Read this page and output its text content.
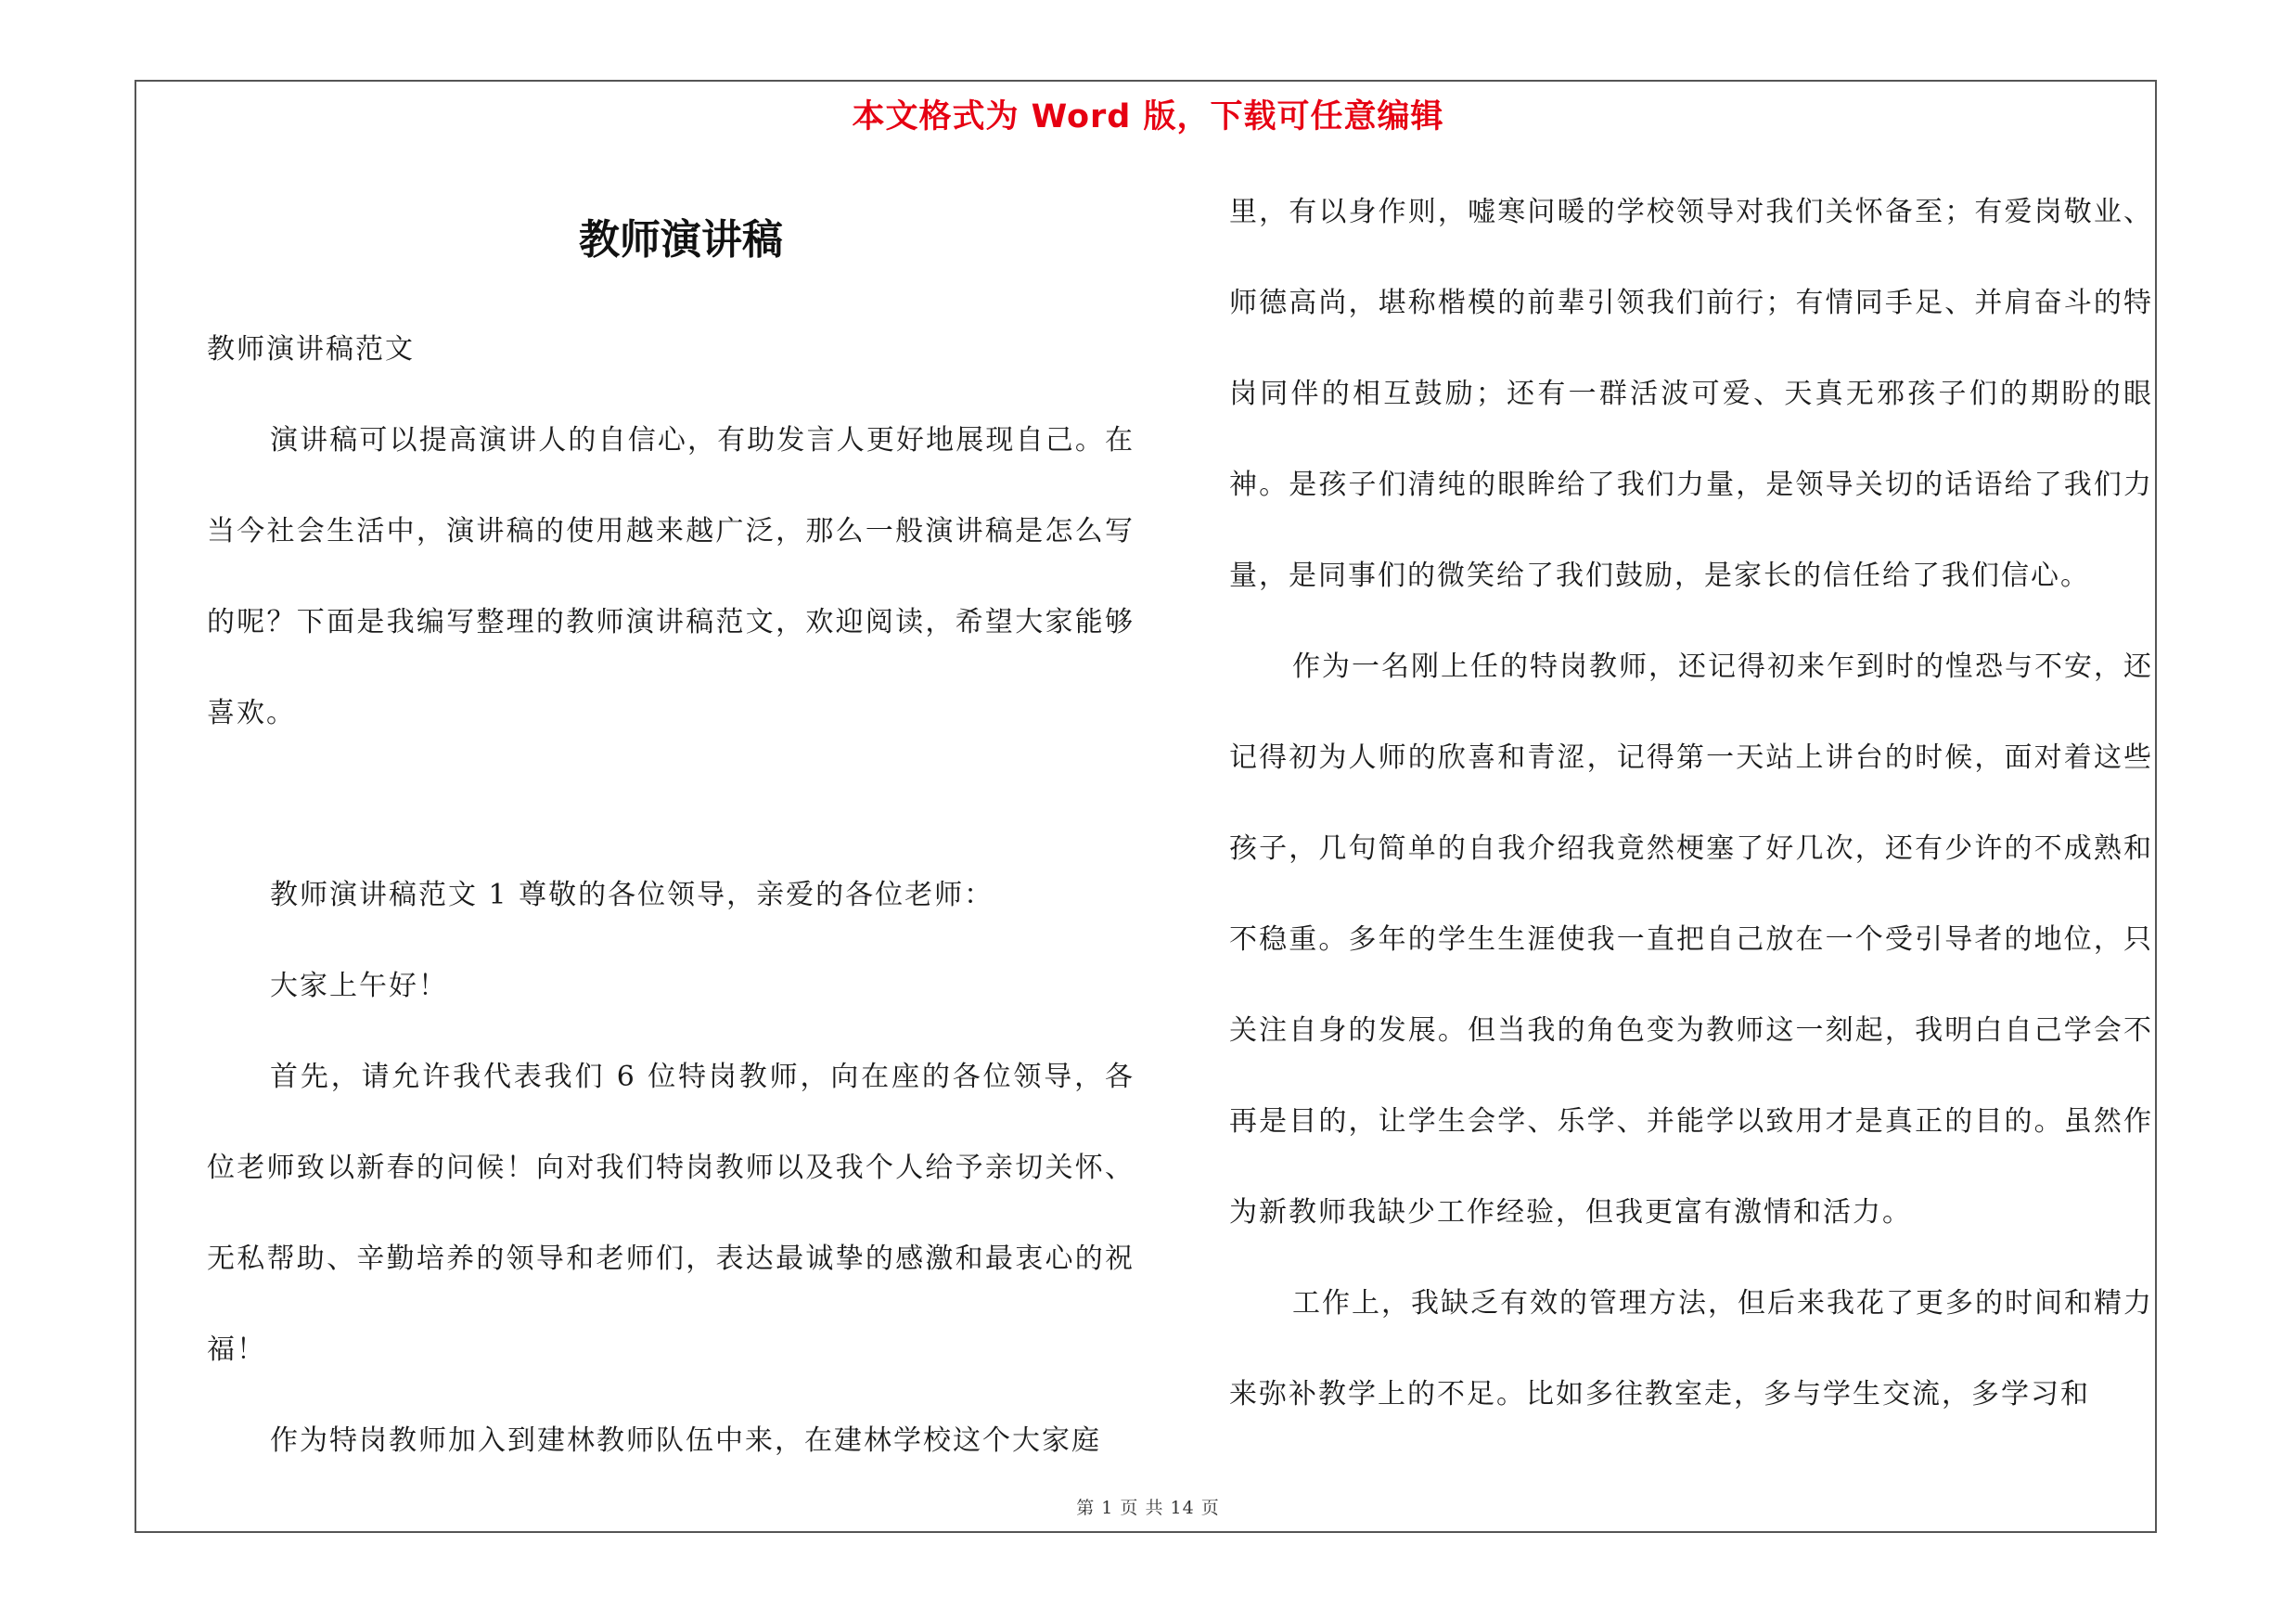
本文格式为 Word 版，下载可任意编辑
教师演讲稿

教师演讲稿范文

演讲稿可以提高演讲人的自信心，有助发言人更好地展现自己。在当今社会生活中，演讲稿的使用越来越广泛，那么一般演讲稿是怎么写的呢？下面是我编写整理的教师演讲稿范文，欢迎阅读，希望大家能够喜欢。

教师演讲稿范文 1 尊敬的各位领导，亲爱的各位老师：

大家上午好！

首先，请允许我代表我们 6 位特岗教师，向在座的各位领导，各位老师致以新春的问候！向对我们特岗教师以及我个人给予亲切关怀、无私帮助、辛勤培养的领导和老师们，表达最诚挚的感激和最衷心的祝福！

作为特岗教师加入到建林教师队伍中来，在建林学校这个大家庭

里，有以身作则，嘘寒问暖的学校领导对我们关怀备至；有爱岗敬业、师德高尚，堪称楷模的前辈引领我们前行；有情同手足、并肩奋斗的特岗同伴的相互鼓励；还有一群活波可爱、天真无邪孩子们的期盼的眼神。是孩子们清纯的眼眸给了我们力量，是领导关切的话语给了我们力量，是同事们的微笑给了我们鼓励，是家长的信任给了我们信心。

作为一名刚上任的特岗教师，还记得初来乍到时的惶恐与不安，还记得初为人师的欣喜和青涩，记得第一天站上讲台的时候，面对着这些孩子，几句简单的自我介绍我竟然梗塞了好几次，还有少许的不成熟和不稳重。多年的学生生涯使我一直把自己放在一个受引导者的地位，只关注自身的发展。但当我的角色变为教师这一刻起，我明白自己学会不再是目的，让学生会学、乐学、并能学以致用才是真正的目的。虽然作为新教师我缺少工作经验，但我更富有激情和活力。

工作上，我缺乏有效的管理方法，但后来我花了更多的时间和精力来弥补教学上的不足。比如多往教室走，多与学生交流，多学习和

第 1 页 共 14 页
